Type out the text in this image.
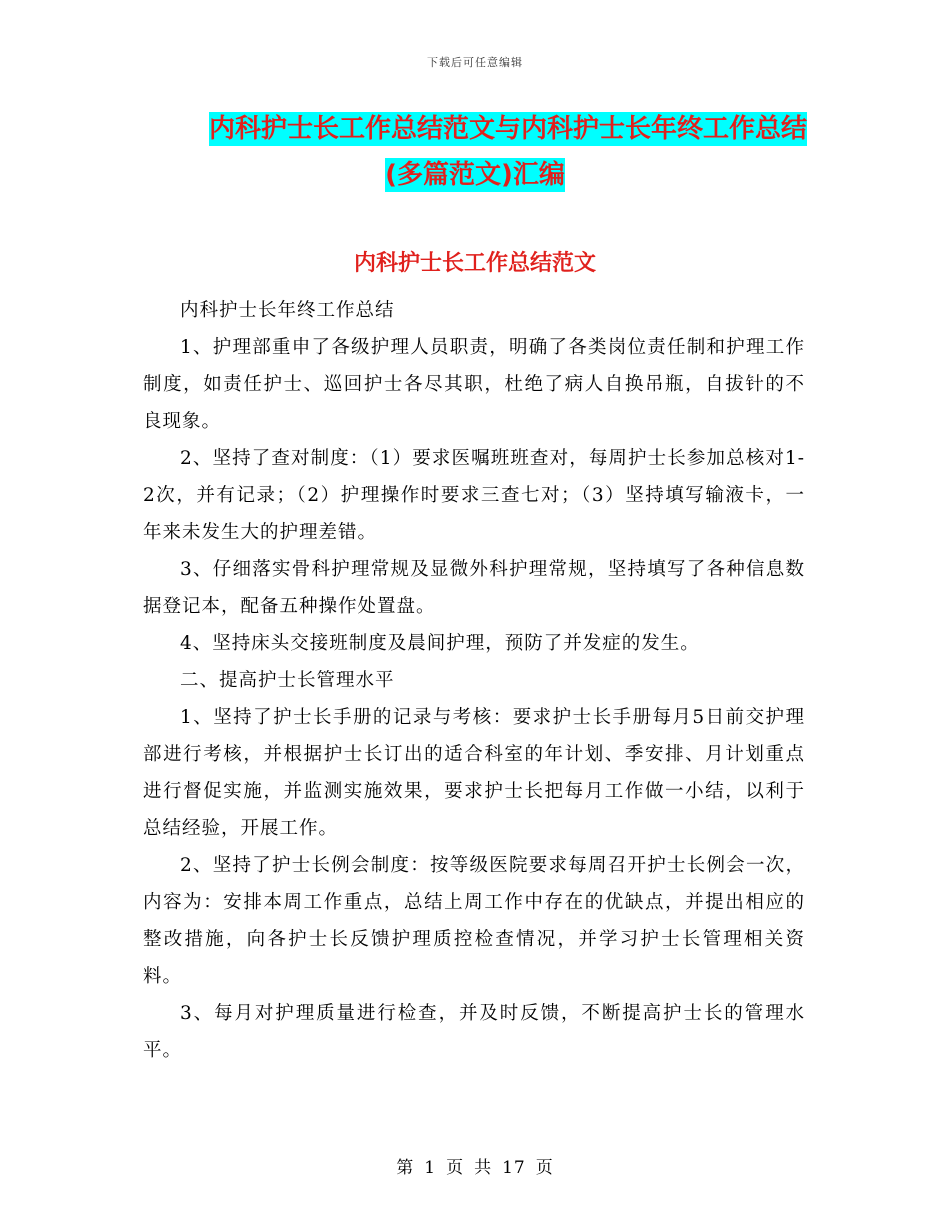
下载后可任意编辑
内科护士长工作总结范文与内科护士长年终工作总结
(多篇范文)汇编
内科护士长工作总结范文

内科护士长年终工作总结

1、护理部重申了各级护理人员职责，明确了各类岗位责任制和护理工作制度，如责任护士、巡回护士各尽其职，杜绝了病人自换吊瓶，自拔针的不良现象。

2、坚持了查对制度：（1）要求医嘱班班查对，每周护士长参加总核对1-2次，并有记录；（2）护理操作时要求三查七对；（3）坚持填写输液卡，一年来未发生大的护理差错。

3、仔细落实骨科护理常规及显微外科护理常规，坚持填写了各种信息数据登记本，配备五种操作处置盘。

4、坚持床头交接班制度及晨间护理，预防了并发症的发生。

二、提高护士长管理水平

1、坚持了护士长手册的记录与考核：要求护士长手册每月5日前交护理部进行考核，并根据护士长订出的适合科室的年计划、季安排、月计划重点进行督促实施，并监测实施效果，要求护士长把每月工作做一小结，以利于总结经验，开展工作。

2、坚持了护士长例会制度：按等级医院要求每周召开护士长例会一次，内容为：安排本周工作重点，总结上周工作中存在的优缺点，并提出相应的整改措施，向各护士长反馈护理质控检查情况，并学习护士长管理相关资料。

3、每月对护理质量进行检查，并及时反馈，不断提高护士长的管理水平。

第 1 页 共 17 页
